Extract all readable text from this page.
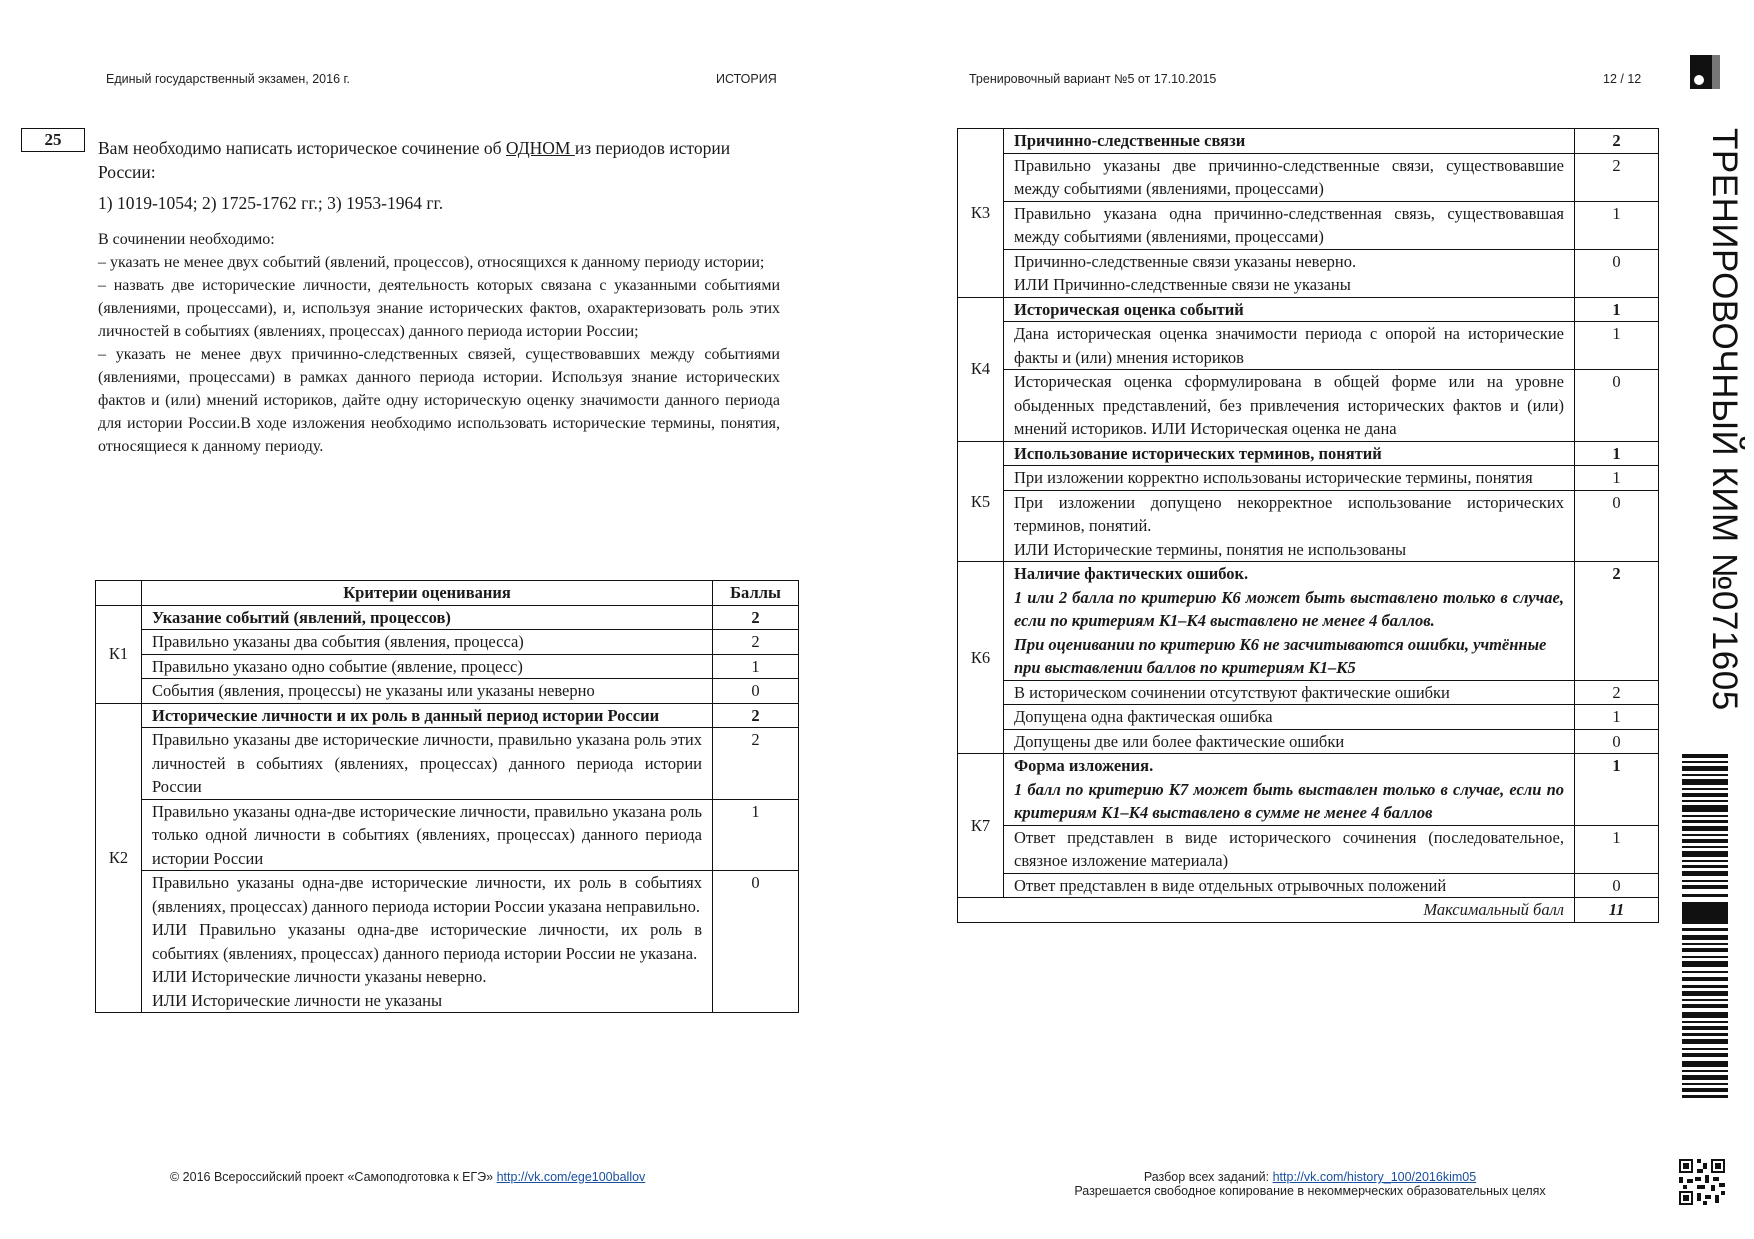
Единый государственный экзамен, 2016 г.	ИСТОРИЯ	Тренировочный вариант №5 от 17.10.2015	12 / 12
25	Вам необходимо написать историческое сочинение об ОДНОМ из периодов истории России:

1) 1019-1054; 2) 1725-1762 гг.; 3) 1953-1964 гг.

В сочинении необходимо:

– указать не менее двух событий (явлений, процессов), относящихся к данному периоду истории;

– назвать две исторические личности, деятельность которых связана с указанными событиями (явлениями, процессами), и, используя знание исторических фактов, охарактеризовать роль этих личностей в событиях (явлениях, процессах) данного периода истории России;

– указать не менее двух причинно-следственных связей, существовавших между событиями (явлениями, процессами) в рамках данного периода истории. Используя знание исторических фактов и (или) мнений историков, дайте одну историческую оценку значимости данного периода для истории России.В ходе изложения необходимо использовать исторические термины, понятия, относящиеся к данному периоду.

	Критерии оценивания	Баллы
К1	Указание событий (явлений, процессов)	2
	Правильно указаны два события (явления, процесса)	2
	Правильно указано одно событие (явление, процесс)	1
	События (явления, процессы) не указаны или указаны неверно	0
К2	Исторические личности и их роль в данный период истории России	2
	Правильно указаны две исторические личности, правильно указана роль этих личностей в событиях (явлениях, процессах) данного периода истории России	2
	Правильно указаны одна-две исторические личности, правильно указана роль только одной личности в событиях (явлениях, процессах) данного периода истории России	1

	Правильно указаны одна-две исторические личности, их роль в событиях (явлениях, процессах) данного периода истории России указана неправильно.
ИЛИ Правильно указаны одна-две исторические личности, их роль в событиях (явлениях, процессах) данного периода истории России не указана.
ИЛИ Исторические личности указаны неверно.
ИЛИ Исторические личности не указаны	0
К3	Причинно-следственные связи	2
	Правильно указаны две причинно-следственные связи, существовавшие между событиями (явлениями, процессами)	2
	Правильно указана одна причинно-следственная связь, существовавшая между событиями (явлениями, процессами)	1

	Причинно-следственные связи указаны неверно.
ИЛИ Причинно-следственные связи не указаны	0
К4	Историческая оценка событий	1
	Дана историческая оценка значимости периода с опорой на исторические факты и (или) мнения историков	1
	Историческая оценка сформулирована в общей форме или на уровне обыденных представлений, без привлечения исторических фактов и (или) мнений историков. ИЛИ Историческая оценка не дана	0
К5	Использование исторических терминов, понятий	1
	При изложении корректно использованы исторические термины, понятия	1

	При изложении допущено некорректное использование исторических терминов, понятий.
ИЛИ Исторические термины, понятия не использованы	0
К6	Наличие фактических ошибок.
1 или 2 балла по критерию К6 может быть выставлено только в случае, если по критериям К1–К4 выставлено не менее 4 баллов.
При оценивании по критерию К6 не засчитываются ошибки, учтённые при выставлении баллов по критериям К1–К5	2
	В историческом сочинении отсутствуют фактические ошибки	2
	Допущена одна фактическая ошибка	1
	Допущены две или более фактические ошибки	0
К7	Форма изложения.
1 балл по критерию К7 может быть выставлен только в случае, если по критериям К1–К4 выставлено в сумме не менее 4 баллов	1
	Ответ представлен в виде исторического сочинения (последовательное, связное изложение материала)	1
	Ответ представлен в виде отдельных отрывочных положений	0
Максимальный балл		11
© 2016 Всероссийский проект «Самоподготовка к ЕГЭ» http://vk.com/ege100ballov	Разбор всех заданий: http://vk.com/history_100/2016kim05
Разрешается свободное копирование в некоммерческих образовательных целях
ТРЕНИРОВОЧНЫЙ КИМ №071605
